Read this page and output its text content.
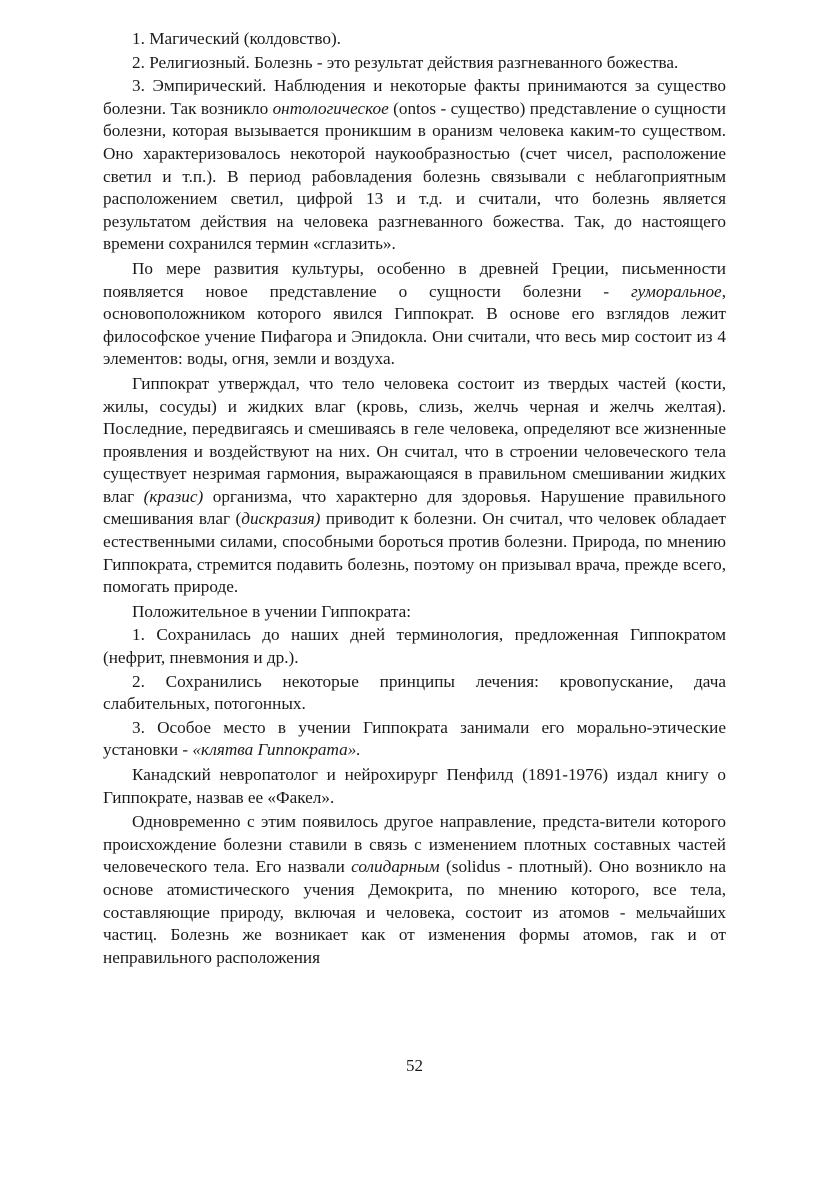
1. Магический (колдовство).

2. Религиозный. Болезнь - это результат действия разгневанного божества.

3. Эмпирический. Наблюдения и некоторые факты принимаются за существо болезни. Так возникло онтологическое (ontos - существо) представление о сущности болезни, которая вызывается проникшим в оранизм человека каким-то существом. Оно характеризовалось некоторой наукообразностью (счет чисел, расположение светил и т.п.). В период рабовладения болезнь связывали с неблагоприятным расположением светил, цифрой 13 и т.д. и считали, что болезнь является результатом действия на человека разгневанного божества. Так, до настоящего времени сохранился термин «сглазить».

По мере развития культуры, особенно в древней Греции, письменности появляется новое представление о сущности болезни - гуморальное, основоположником которого явился Гиппократ. В основе его взглядов лежит философское учение Пифагора и Эпидокла. Они считали, что весь мир состоит из 4 элементов: воды, огня, земли и воздуха.

Гиппократ утверждал, что тело человека состоит из твердых частей (кости, жилы, сосуды) и жидких влаг (кровь, слизь, желчь черная и желчь желтая). Последние, передвигаясь и смешиваясь в геле человека, определяют все жизненные проявления и воздействуют на них. Он считал, что в строении человеческого тела существует незримая гармония, выражающаяся в правильном смешивании жидких влаг (кразис) организма, что характерно для здоровья. Нарушение правильного смешивания влаг (дискразия) приводит к болезни. Он считал, что человек обладает естественными силами, способными бороться против болезни. Природа, по мнению Гиппократа, стремится подавить болезнь, поэтому он призывал врача, прежде всего, помогать природе.

Положительное в учении Гиппократа:

1. Сохранилась до наших дней терминология, предложенная Гиппократом (нефрит, пневмония и др.).

2. Сохранились некоторые принципы лечения: кровопускание, дача слабительных, потогонных.

3. Особое место в учении Гиппократа занимали его морально-этические установки - «клятва Гиппократа».

Канадский невропатолог и нейрохирург Пенфилд (1891-1976) издал книгу о Гиппократе, назвав ее «Факел».

Одновременно с этим появилось другое направление, предста-вители которого происхождение болезни ставили в связь с изменением плотных составных частей человеческого тела. Его назвали солидарным (solidus - плотный). Оно возникло на основе атомистического учения Демокрита, по мнению которого, все тела, составляющие природу, включая и человека, состоит из атомов - мельчайших частиц. Болезнь же возникает как от изменения формы атомов, гак и от неправильного расположения

52
